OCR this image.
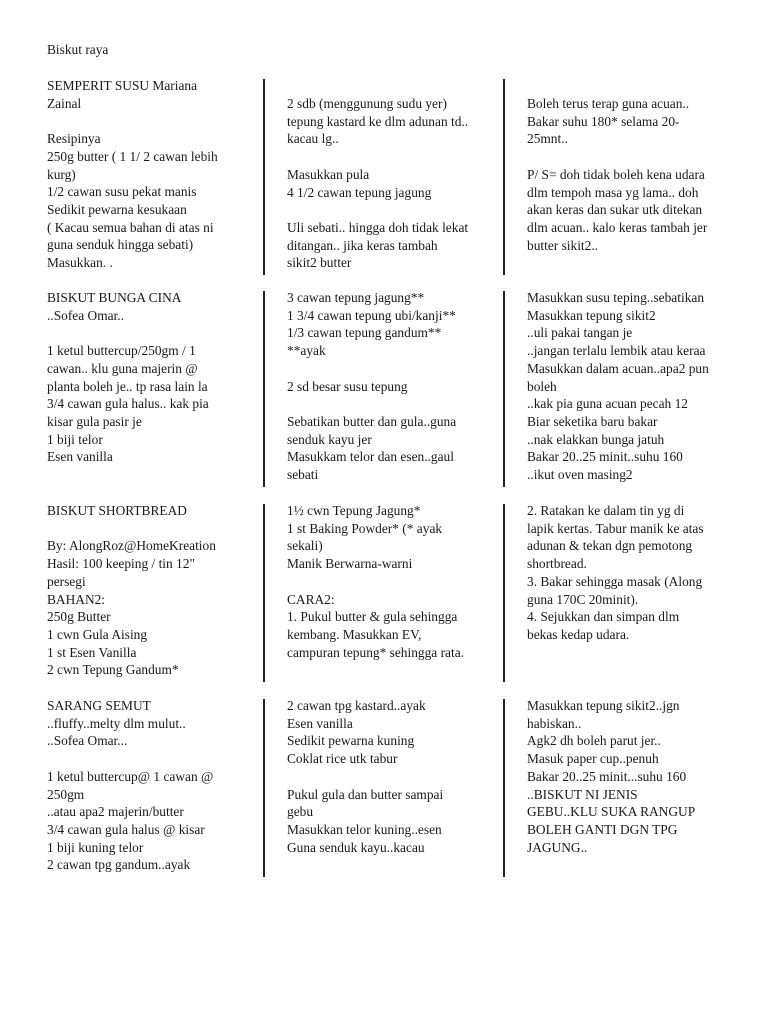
Biskut raya
SEMPERIT SUSU Mariana
Zainal
Resipinya
250g butter ( 1 1/ 2 cawan lebih
kurg)
1/2 cawan susu pekat manis
Sedikit pewarna kesukaan
( Kacau semua bahan di atas ni
guna senduk hingga sebati)
Masukkan. .
2 sdb (menggunung sudu yer)
tepung kastard ke dlm adunan td..
kacau lg..
Masukkan pula
4 1/2 cawan tepung jagung
Uli sebati.. hingga doh tidak lekat
ditangan.. jika keras tambah
sikit2 butter
Boleh terus terap guna acuan..
Bakar suhu 180* selama 20-
25mnt..
P/ S= doh tidak boleh kena udara
dlm tempoh masa yg lama.. doh
akan keras dan sukar utk ditekan
dlm acuan.. kalo keras tambah jer
butter sikit2..
BISKUT BUNGA CINA
..Sofea Omar..
1 ketul buttercup/250gm / 1
cawan.. klu guna majerin @
planta boleh je.. tp rasa lain la
3/4 cawan gula halus.. kak pia
kisar gula pasir je
1 biji telor
Esen vanilla
3 cawan tepung jagung**
1 3/4 cawan tepung ubi/kanji**
1/3 cawan tepung gandum**
**ayak
2 sd besar susu tepung
Sebatikan butter dan gula..guna
senduk kayu jer
Masukkam telor dan esen..gaul
sebati
Masukkan susu teping..sebatikan
Masukkan tepung sikit2
..uli pakai tangan je
..jangan terlalu lembik atau keraa
Masukkan dalam acuan..apa2 pun
boleh
..kak pia guna acuan pecah 12
Biar seketika baru bakar
..nak elakkan bunga jatuh
Bakar 20..25 minit..suhu 160
..ikut oven masing2
BISKUT SHORTBREAD
By: AlongRoz@HomeKreation
Hasil: 100 keeping / tin 12"
persegi
BAHAN2:
250g Butter
1 cwn Gula Aising
1 st Esen Vanilla
2 cwn Tepung Gandum*
1½ cwn Tepung Jagung*
1 st Baking Powder* (* ayak
sekali)
Manik Berwarna-warni
CARA2:
1. Pukul butter & gula sehingga
kembang. Masukkan EV,
campuran tepung* sehingga rata.
2. Ratakan ke dalam tin yg di
lapik kertas. Tabur manik ke atas
adunan & tekan dgn pemotong
shortbread.
3. Bakar sehingga masak (Along
guna 170C 20minit).
4. Sejukkan dan simpan dlm
bekas kedap udara.
SARANG SEMUT
..fluffy..melty dlm mulut..
..Sofea Omar...
1 ketul buttercup@ 1 cawan @
250gm
..atau apa2 majerin/butter
3/4 cawan gula halus @ kisar
1 biji kuning telor
2 cawan tpg gandum..ayak
2 cawan tpg kastard..ayak
Esen vanilla
Sedikit pewarna kuning
Coklat rice utk tabur
Pukul gula dan butter sampai
gebu
Masukkan telor kuning..esen
Guna senduk kayu..kacau
Masukkan tepung sikit2..jgn
habiskan..
Agk2 dh boleh parut jer..
Masuk paper cup..penuh
Bakar 20..25 minit...suhu 160
..BISKUT NI JENIS
GEBU..KLU SUKA RANGUP
BOLEH GANTI DGN TPG
JAGUNG..
